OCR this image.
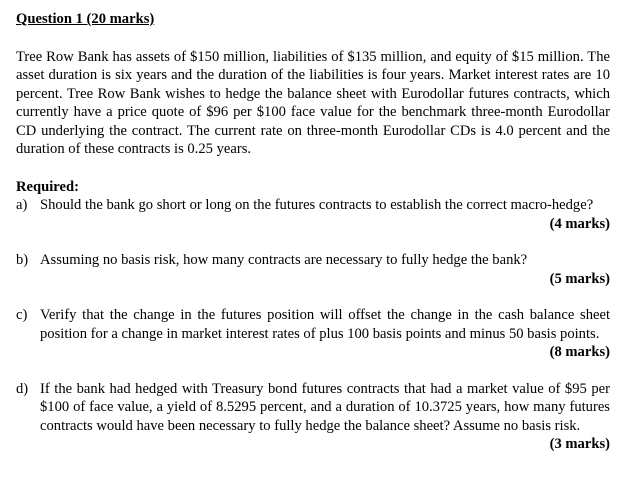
Question 1 (20 marks)

Tree Row Bank has assets of $150 million, liabilities of $135 million, and equity of $15 million. The asset duration is six years and the duration of the liabilities is four years. Market interest rates are 10 percent. Tree Row Bank wishes to hedge the balance sheet with Eurodollar futures contracts, which currently have a price quote of $96 per $100 face value for the benchmark three-month Eurodollar CD underlying the contract. The current rate on three-month Eurodollar CDs is 4.0 percent and the duration of these contracts is 0.25 years.

Required:
a) Should the bank go short or long on the futures contracts to establish the correct macro-hedge?
(4 marks)
b) Assuming no basis risk, how many contracts are necessary to fully hedge the bank?
(5 marks)
c) Verify that the change in the futures position will offset the change in the cash balance sheet position for a change in market interest rates of plus 100 basis points and minus 50 basis points.
(8 marks)
d) If the bank had hedged with Treasury bond futures contracts that had a market value of $95 per $100 of face value, a yield of 8.5295 percent, and a duration of 10.3725 years, how many futures contracts would have been necessary to fully hedge the balance sheet? Assume no basis risk.
(3 marks)
